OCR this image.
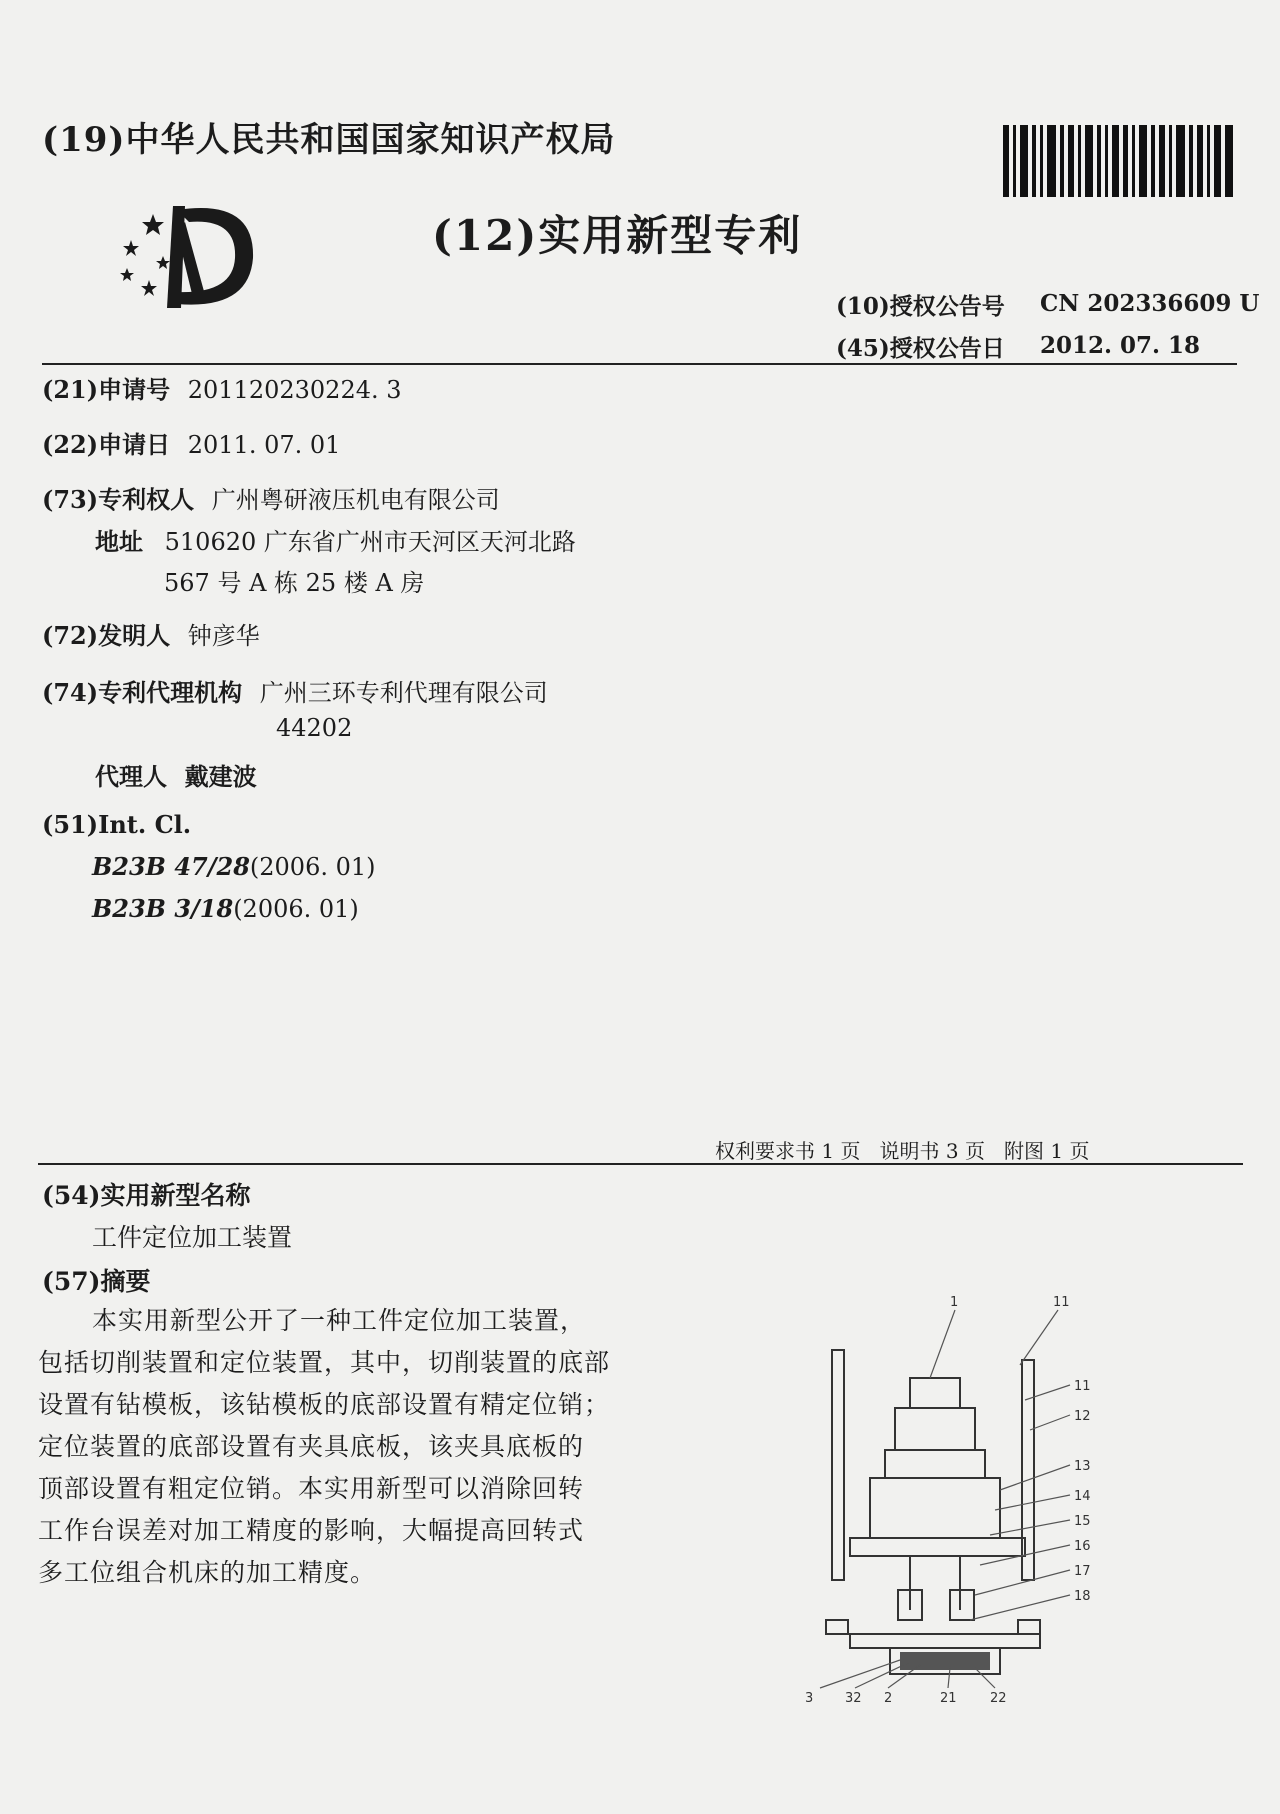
(19)中华人民共和国国家知识产权局
(12)实用新型专利
(10)授权公告号 CN 202336609 U
(45)授权公告日 2012. 07. 18
(21)申请号 201120230224. 3
(22)申请日 2011. 07. 01
(73)专利权人 广州粤研液压机电有限公司
地址 510620 广东省广州市天河区天河北路
567 号 A 栋 25 楼 A 房
(72)发明人 钟彦华
(74)专利代理机构 广州三环专利代理有限公司
44202
代理人 戴建波
(51)Int. Cl.
B23B 47/28(2006. 01)
B23B 3/18(2006. 01)
权利要求书 1 页   说明书 3 页   附图 1 页
(54)实用新型名称
工件定位加工装置
(57)摘要
本实用新型公开了一种工件定位加工装置，
包括切削装置和定位装置，其中，切削装置的底部
设置有钻模板，该钻模板的底部设置有精定位销；
定位装置的底部设置有夹具底板，该夹具底板的
顶部设置有粗定位销。本实用新型可以消除回转
工作台误差对加工精度的影响，大幅提高回转式
多工位组合机床的加工精度。
1	11
11
12
13
14
15
16
17
18
3 32 2	21	22
